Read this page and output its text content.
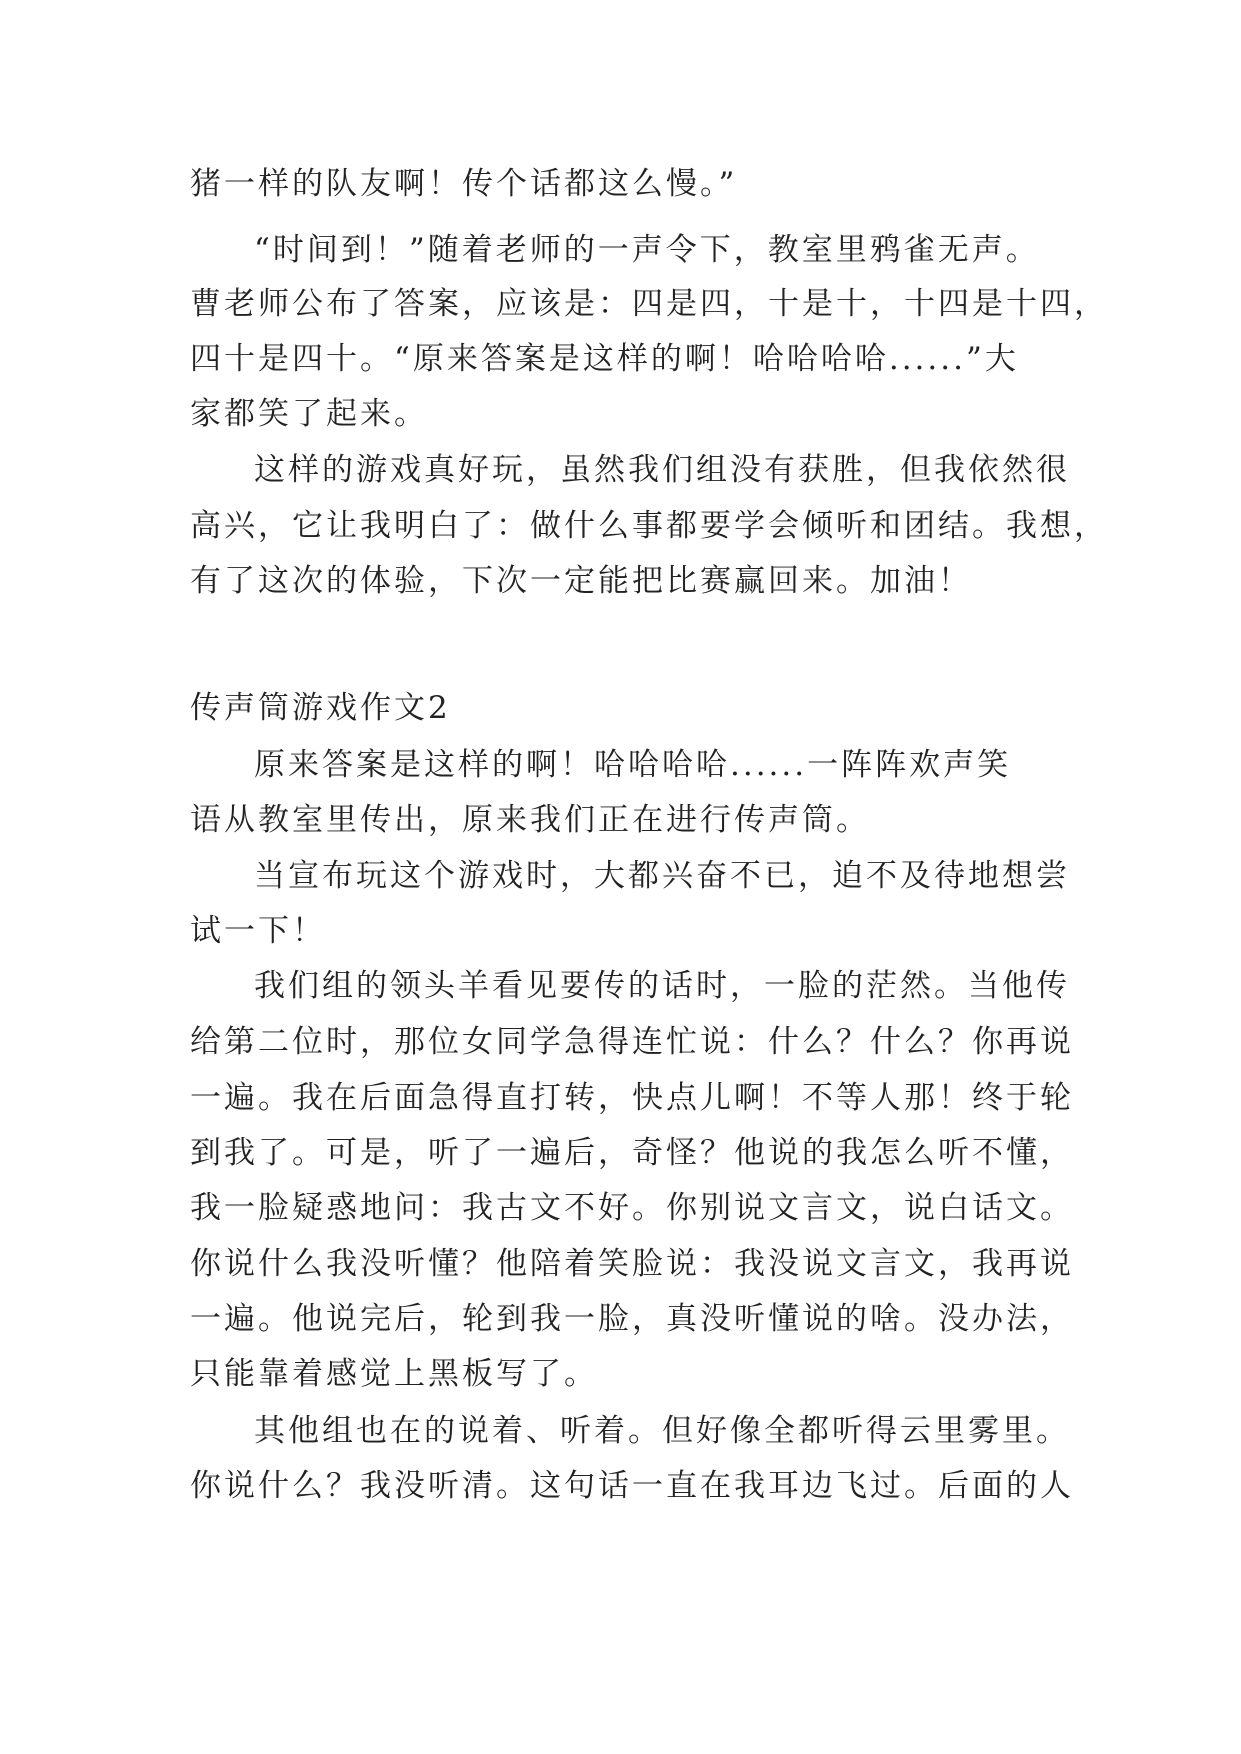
猪一样的队友啊！传个话都这么慢。”
“时间到！”随着老师的一声令下，教室里鸦雀无声。
曹老师公布了答案，应该是：四是四，十是十，十四是十四，
四十是四十。“原来答案是这样的啊！哈哈哈哈......”大
家都笑了起来。
这样的游戏真好玩，虽然我们组没有获胜，但我依然很
高兴，它让我明白了：做什么事都要学会倾听和团结。我想，
有了这次的体验，下次一定能把比赛赢回来。加油！
传声筒游戏作文2
原来答案是这样的啊！哈哈哈哈......一阵阵欢声笑
语从教室里传出，原来我们正在进行传声筒。
当宣布玩这个游戏时，大都兴奋不已，迫不及待地想尝
试一下！
我们组的领头羊看见要传的话时，一脸的茫然。当他传
给第二位时，那位女同学急得连忙说：什么？什么？你再说
一遍。我在后面急得直打转，快点儿啊！不等人那！终于轮
到我了。可是，听了一遍后，奇怪？他说的我怎么听不懂，
我一脸疑惑地问：我古文不好。你别说文言文，说白话文。
你说什么我没听懂？他陪着笑脸说：我没说文言文，我再说
一遍。他说完后，轮到我一脸，真没听懂说的啥。没办法，
只能靠着感觉上黑板写了。
其他组也在的说着、听着。但好像全都听得云里雾里。
你说什么？我没听清。这句话一直在我耳边飞过。后面的人
